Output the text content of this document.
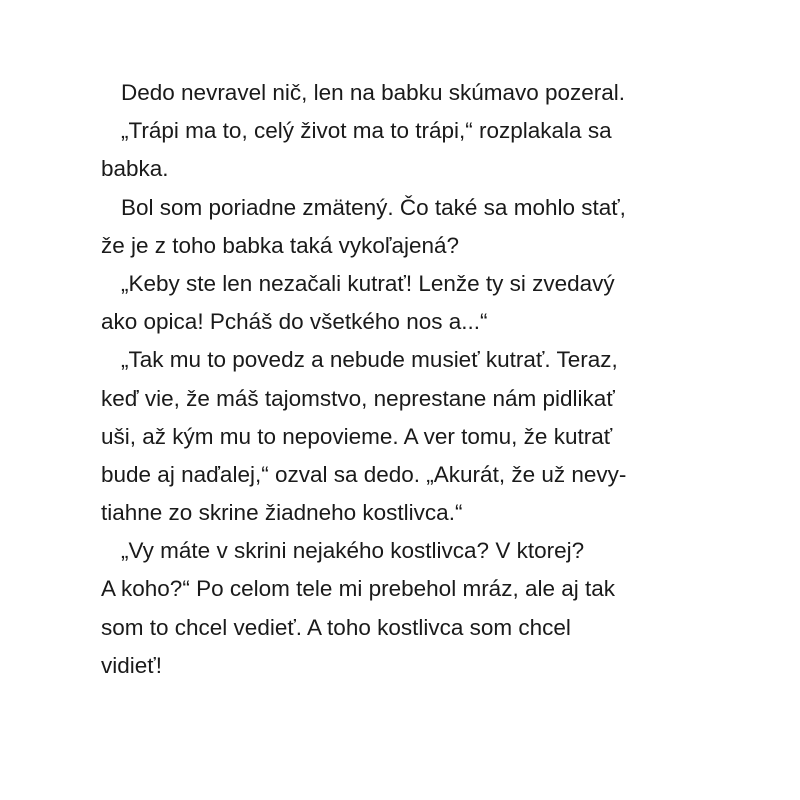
Dedo nevravel nič, len na babku skúmavo pozeral.
„Trápi ma to, celý život ma to trápi,“ rozplakala sa
babka.
Bol som poriadne zmätený. Čo také sa mohlo stať,
že je z toho babka taká vykoľajená?
„Keby ste len nezačali kutrať! Lenže ty si zvedavý
ako opica! Pcháš do všetkého nos a...“
„Tak mu to povedz a nebude musieť kutrať. Teraz,
keď vie, že máš tajomstvo, neprestane nám pidlikať
uši, až kým mu to nepovieme. A ver tomu, že kutrať
bude aj naďalej,“ ozval sa dedo. „Akurát, že už nevy-
tiahne zo skrine žiadneho kostlivca.“
„Vy máte v skrini nejakého kostlivca? V ktorej?
A koho?“ Po celom tele mi prebehol mráz, ale aj tak
som to chcel vedieť. A toho kostlivca som chcel
vidieť!
